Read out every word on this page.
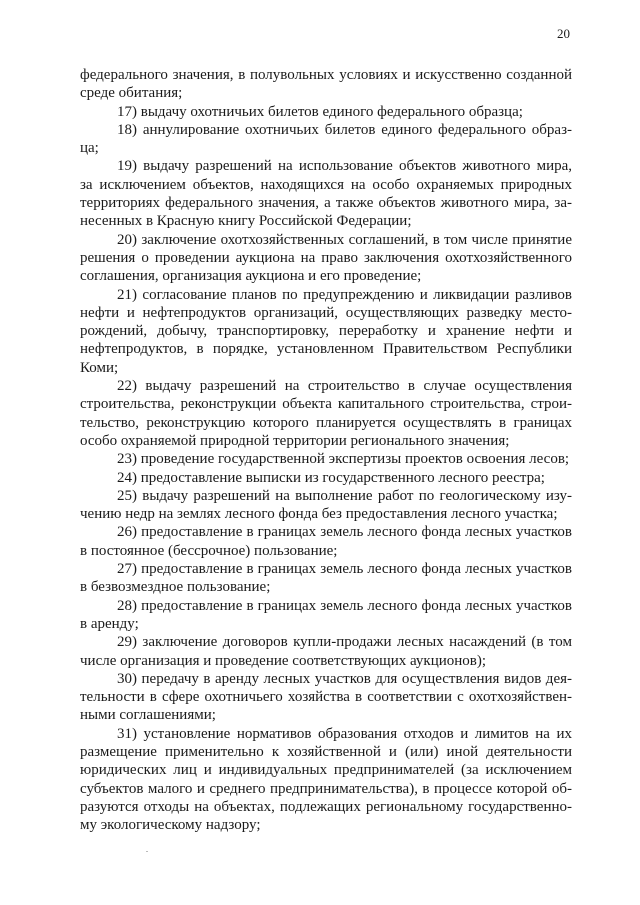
20
федерального значения, в полувольных условиях и искусственно созданной
среде обитания;
17) выдачу охотничьих билетов единого федерального образца;
18) аннулирование охотничьих билетов единого федерального образ-
ца;
19) выдачу разрешений на использование объектов животного мира,
за исключением объектов, находящихся на особо охраняемых природных
территориях федерального значения, а также объектов животного мира, за-
несенных в Красную книгу Российской Федерации;
20) заключение охотхозяйственных соглашений, в том числе принятие
решения о проведении аукциона на право заключения охотхозяйственного
соглашения, организация аукциона и его проведение;
21) согласование планов по предупреждению и ликвидации разливов
нефти и нефтепродуктов организаций, осуществляющих разведку место-
рождений, добычу, транспортировку, переработку и хранение нефти и
нефтепродуктов, в порядке, установленном Правительством Республики
Коми;
22) выдачу разрешений на строительство в случае осуществления
строительства, реконструкции объекта капитального строительства, строи-
тельство, реконструкцию которого планируется осуществлять в границах
особо охраняемой природной территории регионального значения;
23) проведение государственной экспертизы проектов освоения лесов;
24) предоставление выписки из государственного лесного реестра;
25) выдачу разрешений на выполнение работ по геологическому изу-
чению недр на землях лесного фонда без предоставления лесного участка;
26) предоставление в границах земель лесного фонда лесных участков
в постоянное (бессрочное) пользование;
27) предоставление в границах земель лесного фонда лесных участков
в безвозмездное пользование;
28) предоставление в границах земель лесного фонда лесных участков
в аренду;
29) заключение договоров купли-продажи лесных насаждений (в том
числе организация и проведение соответствующих аукционов);
30) передачу в аренду лесных участков для осуществления видов дея-
тельности в сфере охотничьего хозяйства в соответствии с охотхозяйствен-
ными соглашениями;
31) установление нормативов образования отходов и лимитов на их
размещение применительно к хозяйственной и (или) иной деятельности
юридических лиц и индивидуальных предпринимателей (за исключением
субъектов малого и среднего предпринимательства), в процессе которой об-
разуются отходы на объектах, подлежащих региональному государственно-
му экологическому надзору;
